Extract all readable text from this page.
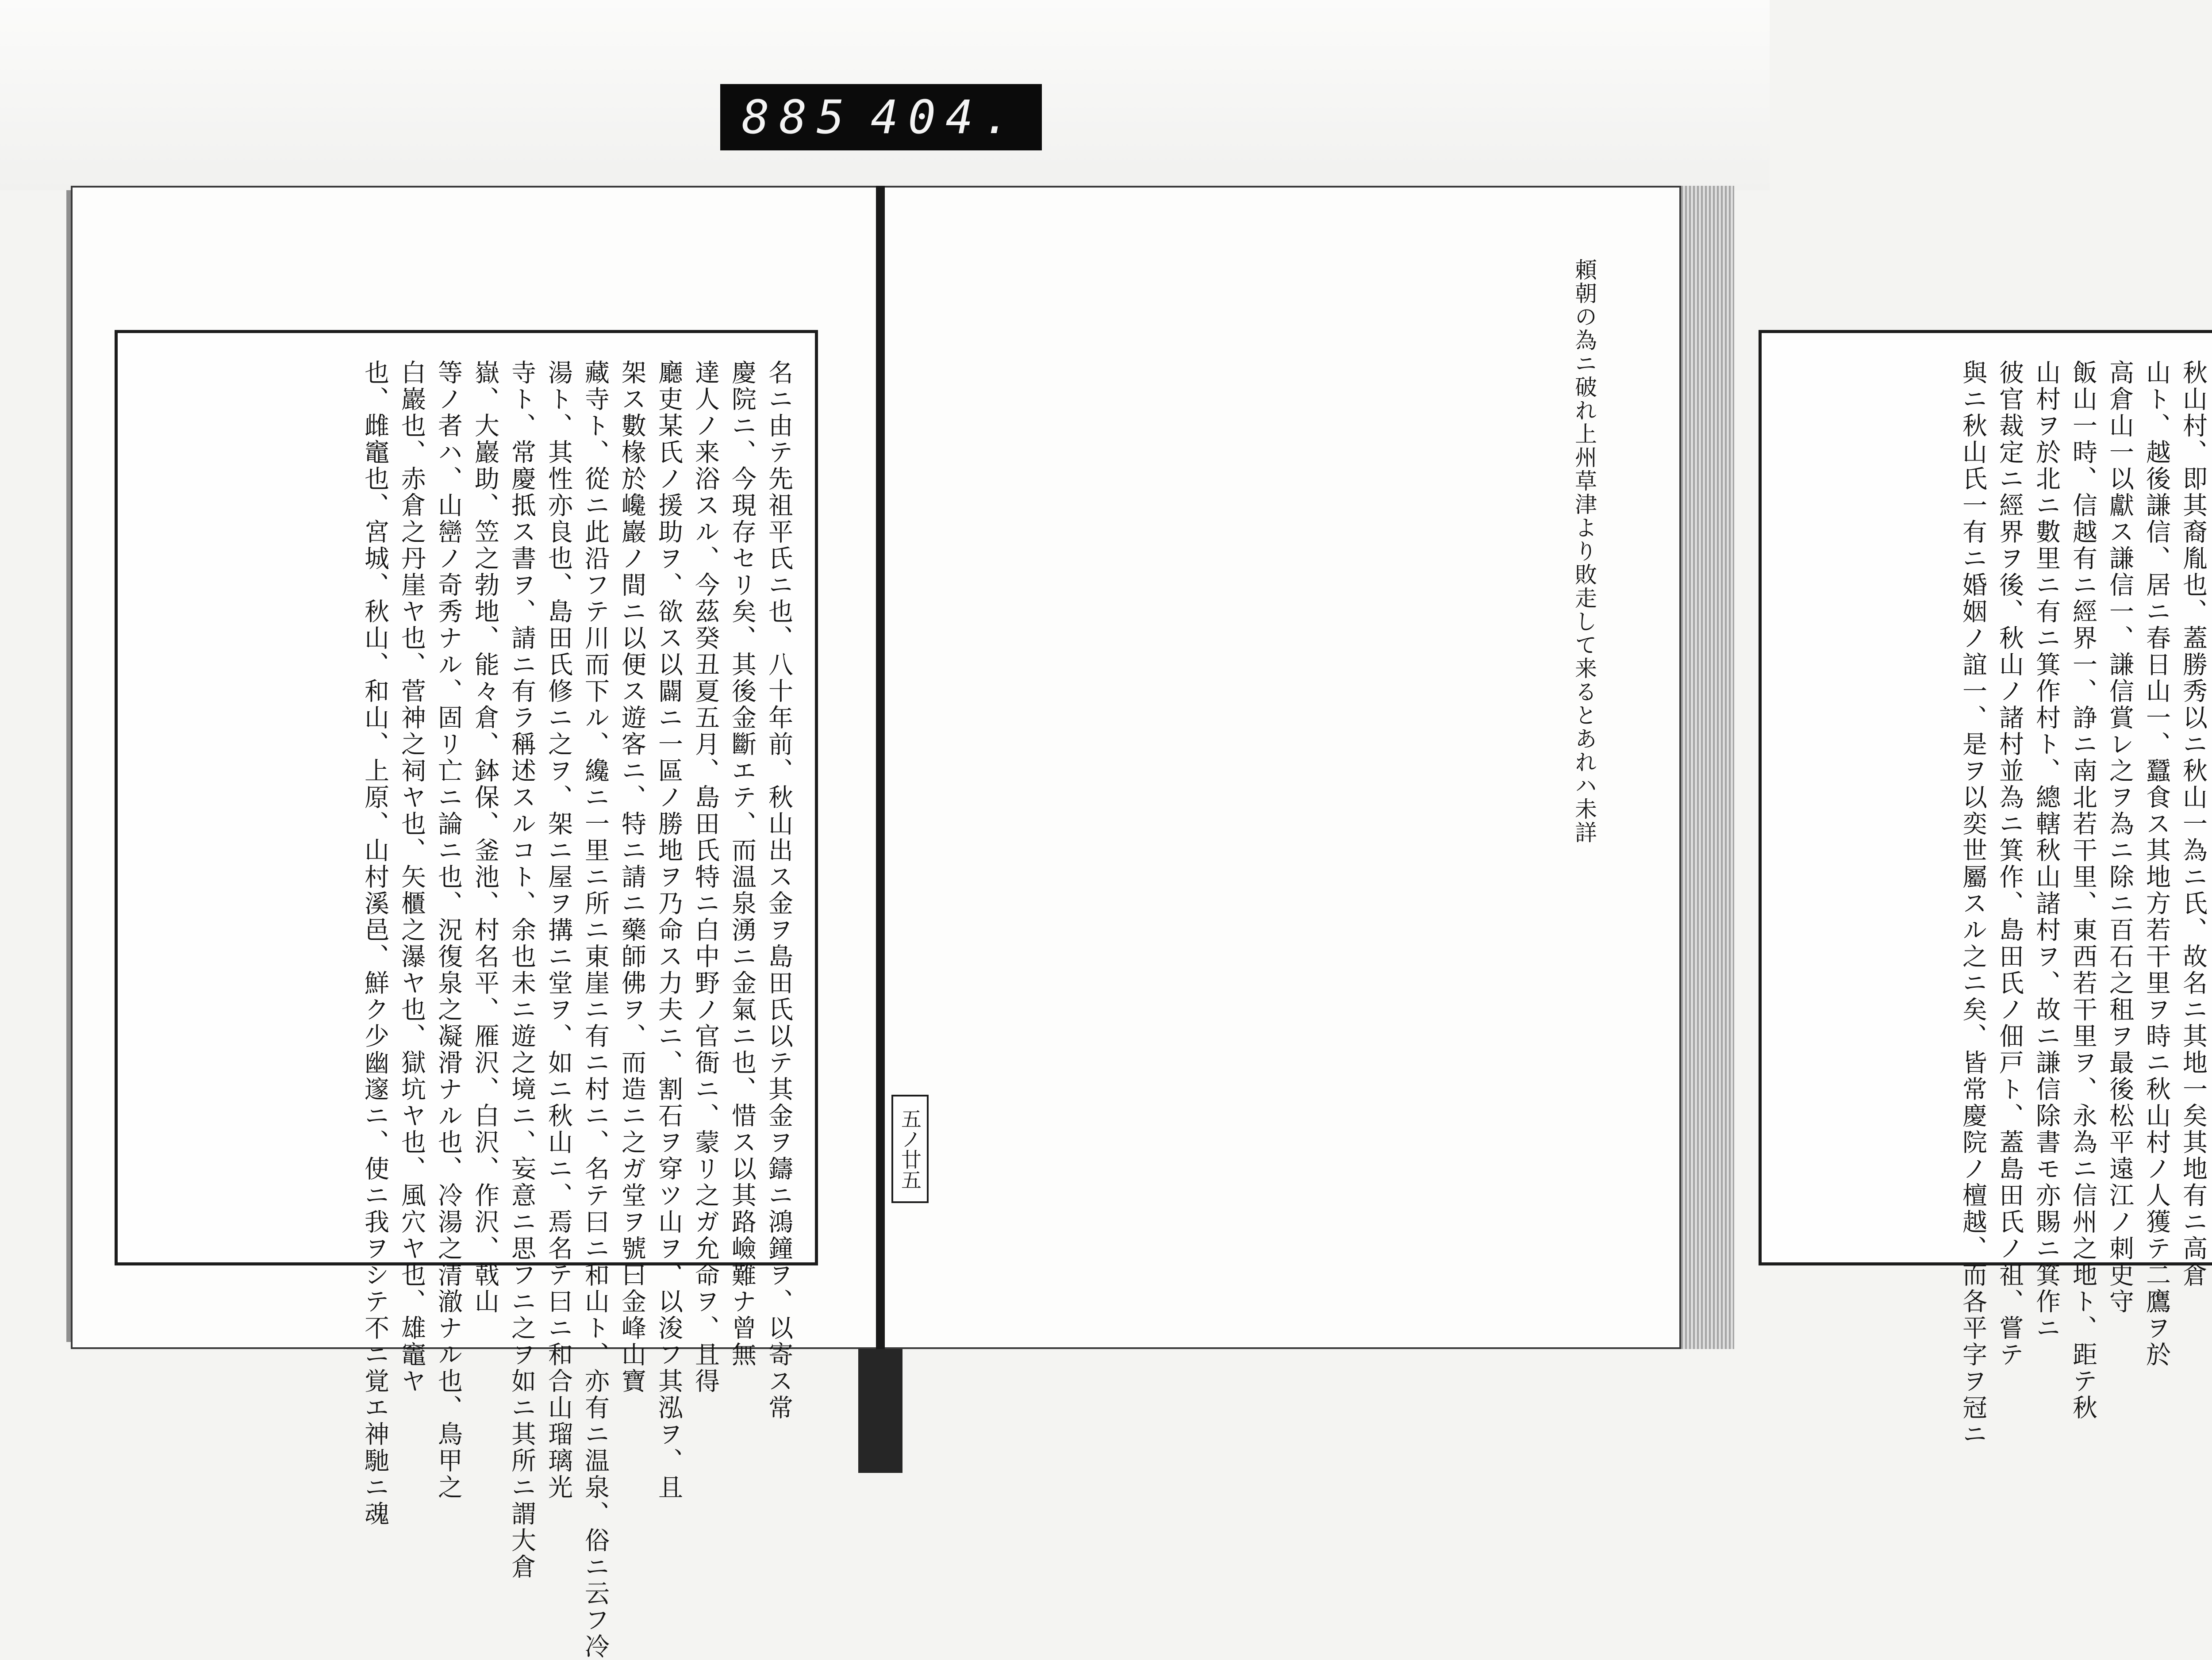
885 404.
名ニ由テ先祖平氏ニ也、八十年前、秋山出ス金ヲ島田氏以テ其金ヲ鑄ニ鴻鐘ヲ、以寄ス常
慶院ニ、今現存セリ矣、其後金斷エテ、而温泉湧ニ金氣ニ也、惜ス以其路嶮難ナ曾無
達人ノ来浴スル、今茲癸丑夏五月、島田氏特ニ白中野ノ官衙ニ、蒙リ之ガ允命ヲ、且得
廳吏某氏ノ援助ヲ、欲ス以闢ニ一區ノ勝地ヲ乃命ス力夫ニ、割石ヲ穿ツ山ヲ、以浚フ其泓ヲ、且
架ス數椽於巉巖ノ間ニ以便ス遊客ニ、特ニ請ニ藥師佛ヲ、而造ニ之ガ堂ヲ號曰金峰山寶
藏寺ト、從ニ此沿フテ川而下ル、纔ニ一里ニ所ニ東崖ニ有ニ村ニ、名テ曰ニ和山ト、亦有ニ温泉、俗ニ云フ冷
湯ト、其性亦良也、島田氏修ニ之ヲ、架ニ屋ヲ搆ニ堂ヲ、如ニ秋山ニ、焉名テ曰ニ和合山瑠璃光
寺ト、常慶抵ス書ヲ、請ニ有ラ稱述スルコト、余也未ニ遊之境ニ、妄意ニ思フニ之ヲ如ニ其所ニ謂大倉
嶽、大巖助、笠之勃地、能々倉、鉢保、釜池、村名平、雁沢、白沢、作沢、戟山
等ノ者ハ、山巒ノ奇秀ナル、固リ亡ニ論ニ也、況復泉之凝滑ナル也、冷湯之清澈ナル也、鳥甲之
白巖也、赤倉之丹崖ヤ也、菅神之祠ヤ也、矢櫃之瀑ヤ也、獄坑ヤ也、風穴ヤ也、雄竈ヤ
也、雌竈也、宮城、秋山、和山、上原、山村溪邑、鮮ク少幽邃ニ、使ニ我ヲシテ不ニ覚エ神馳ニ魂	頼朝の為ニ破れ上州草津より敗走して来るとあれハ未詳	

秋山村、即其裔胤也、蓋勝秀以ニ秋山一為ニ氏、故名ニ其地一矣其地有ニ高倉
山ト、越後謙信、居ニ春日山一、蠶食ス其地方若干里ヲ時ニ秋山村ノ人獲テ二鷹ヲ於
高倉山一以獻ス謙信一、謙信賞レ之ヲ為ニ除ニ百石之租ヲ最後松平遠江ノ刺史守
飯山一時、信越有ニ經界一、諍ニ南北若干里、東西若干里ヲ、永為ニ信州之地ト、距テ秋
山村ヲ於北ニ數里ニ有ニ箕作村ト、總轄秋山諸村ヲ、故ニ謙信除書モ亦賜ニ箕作ニ
彼官裁定ニ經界ヲ後、秋山ノ諸村並為ニ箕作、島田氏ノ佃戸ト、蓋島田氏ノ祖、嘗テ
與ニ秋山氏一有ニ婚姻ノ誼一、是ヲ以奕世屬スル之ニ矣、皆常慶院ノ檀越、而各平字ヲ冠ニ
五ノ廿五
